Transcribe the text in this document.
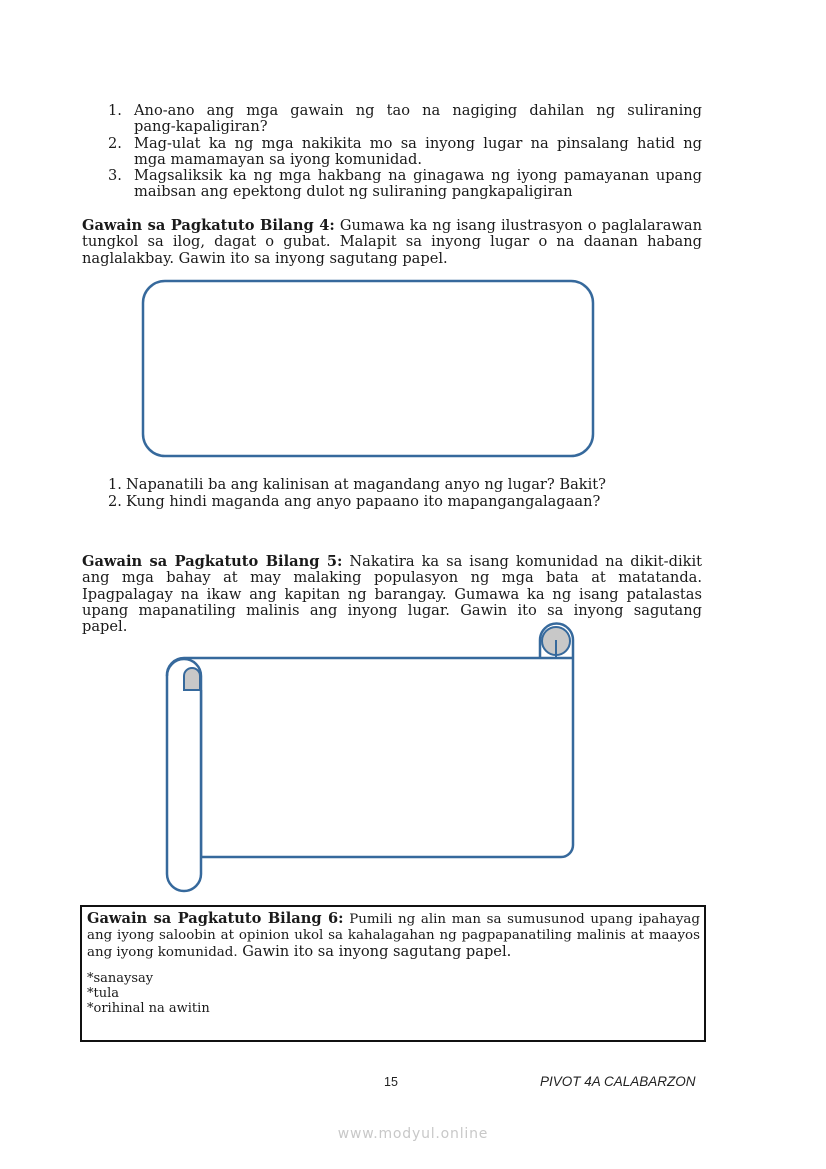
1. Ano-ano ang mga gawain ng tao na nagiging dahilan ng suliraning
pang-kapaligiran?
2. Mag-ulat ka ng mga nakikita mo sa inyong lugar na pinsalang hatid ng
mga mamamayan sa iyong komunidad.
3. Magsaliksik ka ng mga hakbang na ginagawa ng iyong pamayanan upang
maibsan ang epektong dulot ng suliraning pangkapaligiran
Gawain sa Pagkatuto Bilang 4: Gumawa ka ng isang ilustrasyon o paglalarawan
tungkol sa ilog, dagat o gubat. Malapit sa inyong lugar o na daanan habang
naglalakbay. Gawin ito sa inyong sagutang papel.
1. Napanatili ba ang kalinisan at magandang anyo ng lugar? Bakit?
2. Kung hindi maganda ang anyo papaano ito mapangangalagaan?
Gawain sa Pagkatuto Bilang 5: Nakatira ka sa isang komunidad na dikit-dikit
ang mga bahay at may malaking populasyon ng mga bata at matatanda.
Ipagpalagay na ikaw ang kapitan ng barangay. Gumawa ka ng isang patalastas
upang mapanatiling malinis ang inyong lugar. Gawin ito sa inyong sagutang
papel.
Gawain sa Pagkatuto Bilang 6: Pumili ng alin man sa sumusunod upang ipahayag
ang iyong saloobin at opinion ukol sa kahalagahan ng pagpapanatiling malinis at maayos
ang iyong komunidad. Gawin ito sa inyong sagutang papel.
*sanaysay
*tula
*orihinal na awitin
15	PIVOT 4A CALABARZON
www.modyul.online
